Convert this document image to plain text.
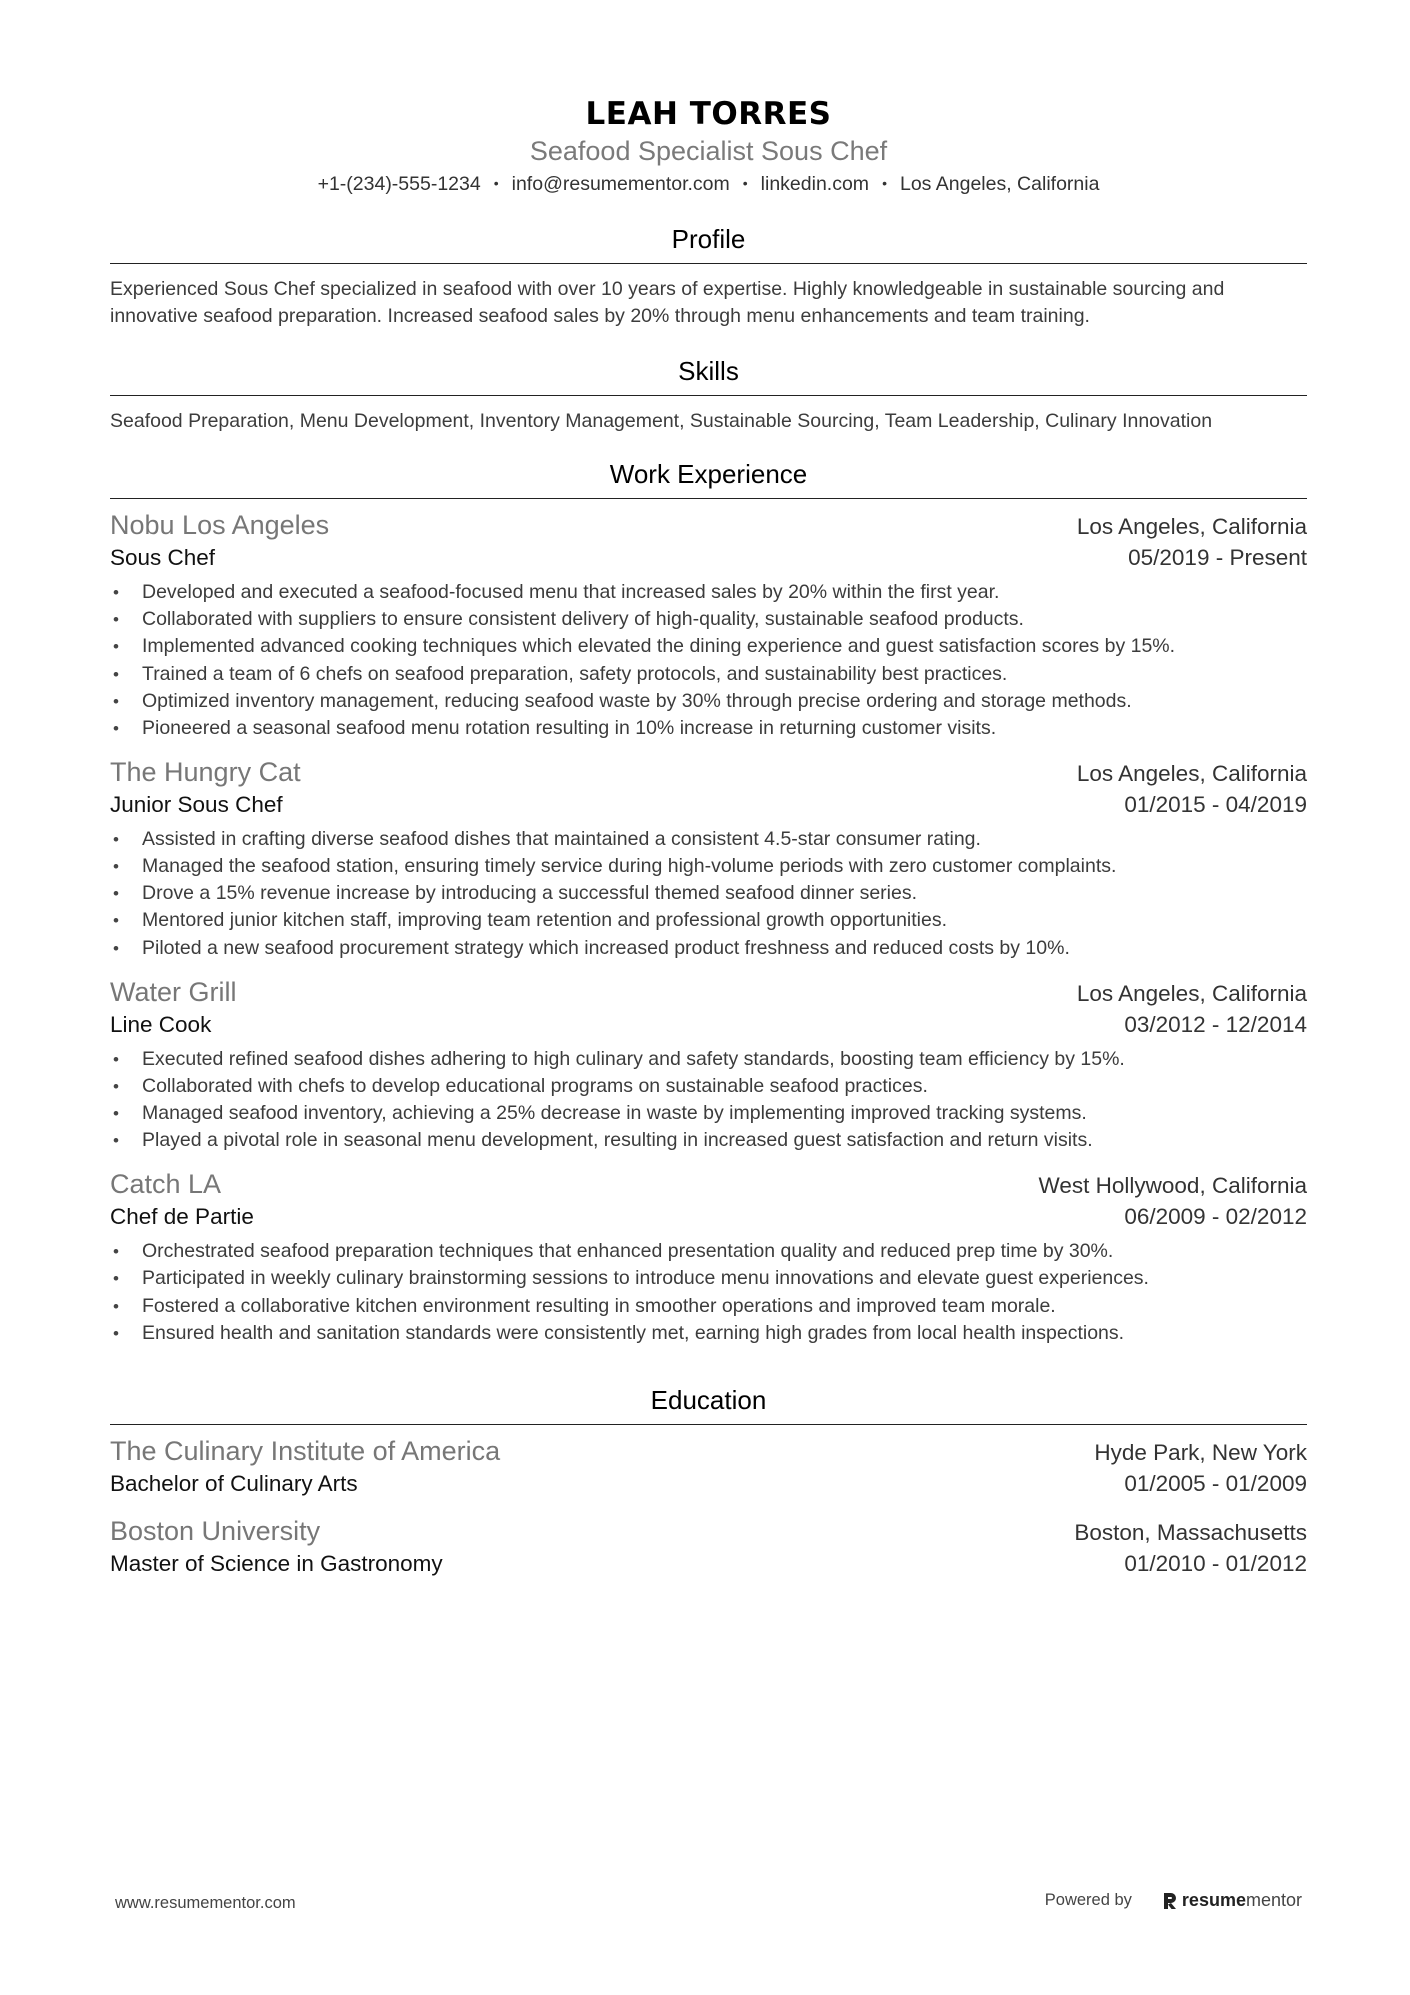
LEAH TORRES
Seafood Specialist Sous Chef
+1-(234)-555-1234 • info@resumementor.com • linkedin.com • Los Angeles, California
Profile
Experienced Sous Chef specialized in seafood with over 10 years of expertise. Highly knowledgeable in sustainable sourcing and innovative seafood preparation. Increased seafood sales by 20% through menu enhancements and team training.
Skills
Seafood Preparation, Menu Development, Inventory Management, Sustainable Sourcing, Team Leadership, Culinary Innovation
Work Experience
Nobu Los Angeles	Los Angeles, California
Sous Chef	05/2019 - Present
• Developed and executed a seafood-focused menu that increased sales by 20% within the first year.
• Collaborated with suppliers to ensure consistent delivery of high-quality, sustainable seafood products.
• Implemented advanced cooking techniques which elevated the dining experience and guest satisfaction scores by 15%.
• Trained a team of 6 chefs on seafood preparation, safety protocols, and sustainability best practices.
• Optimized inventory management, reducing seafood waste by 30% through precise ordering and storage methods.
• Pioneered a seasonal seafood menu rotation resulting in 10% increase in returning customer visits.
The Hungry Cat	Los Angeles, California
Junior Sous Chef	01/2015 - 04/2019
• Assisted in crafting diverse seafood dishes that maintained a consistent 4.5-star consumer rating.
• Managed the seafood station, ensuring timely service during high-volume periods with zero customer complaints.
• Drove a 15% revenue increase by introducing a successful themed seafood dinner series.
• Mentored junior kitchen staff, improving team retention and professional growth opportunities.
• Piloted a new seafood procurement strategy which increased product freshness and reduced costs by 10%.
Water Grill	Los Angeles, California
Line Cook	03/2012 - 12/2014
• Executed refined seafood dishes adhering to high culinary and safety standards, boosting team efficiency by 15%.
• Collaborated with chefs to develop educational programs on sustainable seafood practices.
• Managed seafood inventory, achieving a 25% decrease in waste by implementing improved tracking systems.
• Played a pivotal role in seasonal menu development, resulting in increased guest satisfaction and return visits.
Catch LA	West Hollywood, California
Chef de Partie	06/2009 - 02/2012
• Orchestrated seafood preparation techniques that enhanced presentation quality and reduced prep time by 30%.
• Participated in weekly culinary brainstorming sessions to introduce menu innovations and elevate guest experiences.
• Fostered a collaborative kitchen environment resulting in smoother operations and improved team morale.
• Ensured health and sanitation standards were consistently met, earning high grades from local health inspections.
Education
The Culinary Institute of America	Hyde Park, New York
Bachelor of Culinary Arts	01/2005 - 01/2009
Boston University	Boston, Massachusetts
Master of Science in Gastronomy	01/2010 - 01/2012
www.resumementor.com	Powered by	resume mentor
